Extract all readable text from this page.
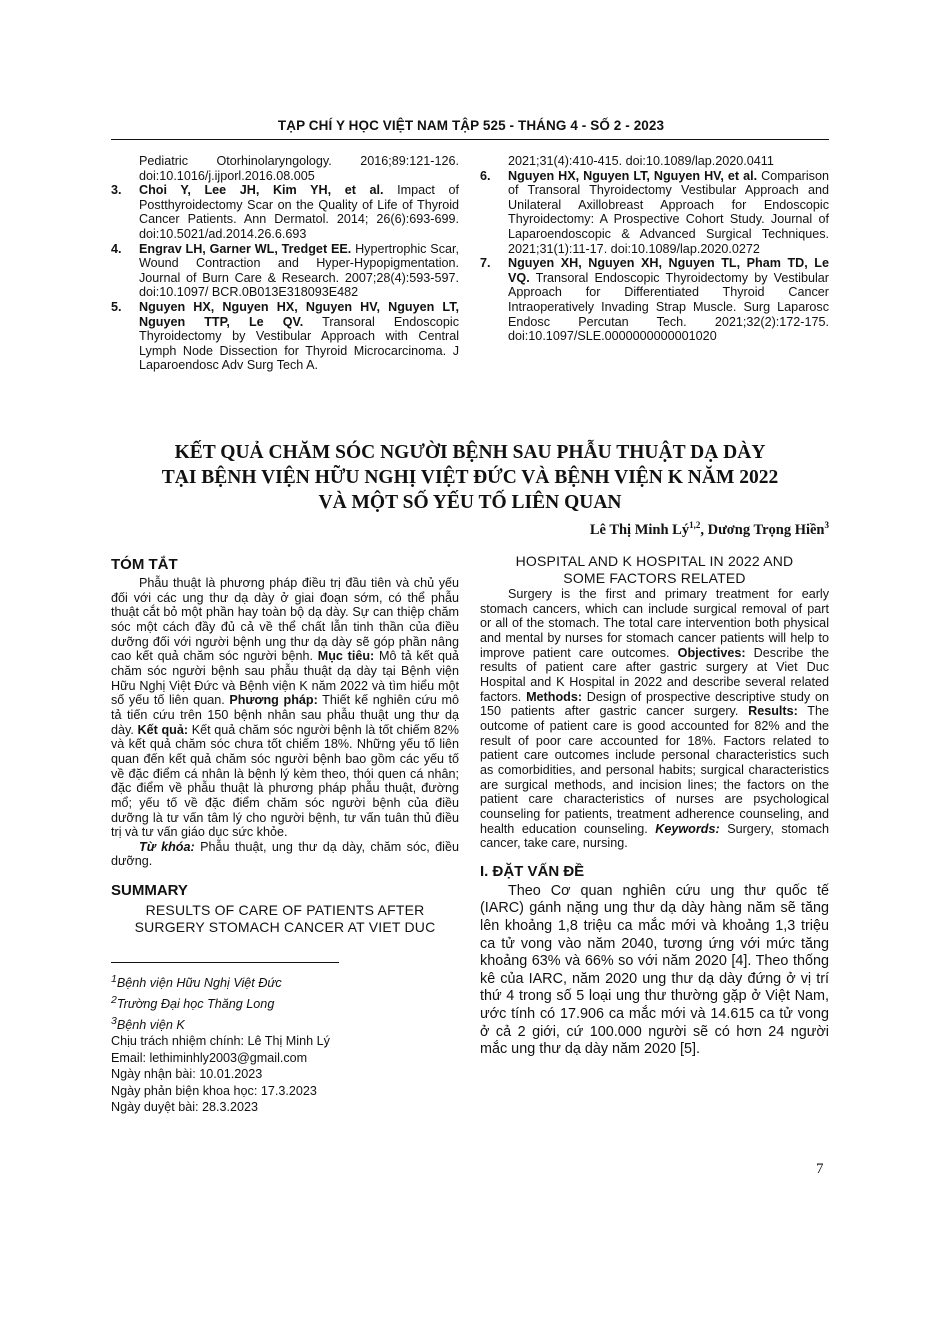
TẠP CHÍ Y HỌC VIỆT NAM TẬP 525 - THÁNG 4 - SỐ 2 - 2023
Pediatric Otorhinolaryngology. 2016;89:121-126. doi:10.1016/j.ijporl.2016.08.005
3. Choi Y, Lee JH, Kim YH, et al. Impact of Postthyroidectomy Scar on the Quality of Life of Thyroid Cancer Patients. Ann Dermatol. 2014; 26(6):693-699. doi:10.5021/ad.2014.26.6.693
4. Engrav LH, Garner WL, Tredget EE. Hypertrophic Scar, Wound Contraction and Hyper-Hypopigmentation. Journal of Burn Care & Research. 2007;28(4):593-597. doi:10.1097/ BCR.0B013E318093E482
5. Nguyen HX, Nguyen HX, Nguyen HV, Nguyen LT, Nguyen TTP, Le QV. Transoral Endoscopic Thyroidectomy by Vestibular Approach with Central Lymph Node Dissection for Thyroid Microcarcinoma. J Laparoendosc Adv Surg Tech A.
2021;31(4):410-415. doi:10.1089/lap.2020.0411
6. Nguyen HX, Nguyen LT, Nguyen HV, et al. Comparison of Transoral Thyroidectomy Vestibular Approach and Unilateral Axillobreast Approach for Endoscopic Thyroidectomy: A Prospective Cohort Study. Journal of Laparoendoscopic & Advanced Surgical Techniques. 2021;31(1):11-17. doi:10.1089/lap.2020.0272
7. Nguyen XH, Nguyen XH, Nguyen TL, Pham TD, Le VQ. Transoral Endoscopic Thyroidectomy by Vestibular Approach for Differentiated Thyroid Cancer Intraoperatively Invading Strap Muscle. Surg Laparosc Endosc Percutan Tech. 2021;32(2):172-175. doi:10.1097/SLE.0000000000001020
KẾT QUẢ CHĂM SÓC NGƯỜI BỆNH SAU PHẪU THUẬT DẠ DÀY
TẠI BỆNH VIỆN HỮU NGHỊ VIỆT ĐỨC VÀ BỆNH VIỆN K NĂM 2022
VÀ MỘT SỐ YẾU TỐ LIÊN QUAN
Lê Thị Minh Lý$^{1,2}$, Dương Trọng Hiền$^3$
TÓM TẮT

Phẫu thuật là phương pháp điều trị đầu tiên và chủ yếu đối với các ung thư dạ dày ở giai đoạn sớm, có thể phẫu thuật cắt bỏ một phần hay toàn bộ dạ dày. Sự can thiệp chăm sóc một cách đầy đủ cả về thể chất lẫn tinh thần của điều dưỡng đối với người bệnh ung thư dạ dày sẽ góp phần nâng cao kết quả chăm sóc người bệnh. Mục tiêu: Mô tả kết quả chăm sóc người bệnh sau phẫu thuật dạ dày tại Bệnh viện Hữu Nghị Việt Đức và Bệnh viện K năm 2022 và tìm hiểu một số yếu tố liên quan. Phương pháp: Thiết kế nghiên cứu mô tả tiến cứu trên 150 bệnh nhân sau phẫu thuật ung thư dạ dày. Kết quả: Kết quả chăm sóc người bệnh là tốt chiếm 82% và kết quả chăm sóc chưa tốt chiếm 18%. Những yếu tố liên quan đến kết quả chăm sóc người bệnh bao gồm các yếu tố về đặc điểm cá nhân là bệnh lý kèm theo, thói quen cá nhân; đặc điểm về phẫu thuật là phương pháp phẫu thuật, đường mổ; yếu tố về đặc điểm chăm sóc người bệnh của điều dưỡng là tư vấn tâm lý cho người bệnh, tư vấn tuân thủ điều trị và tư vấn giáo dục sức khỏe.

Từ khóa: Phẫu thuật, ung thư dạ dày, chăm sóc, điều dưỡng.

SUMMARY

RESULTS OF CARE OF PATIENTS AFTER

SURGERY STOMACH CANCER AT VIET DUC

$^1$Bệnh viện Hữu Nghị Việt Đức

$^2$Trường Đại học Thăng Long

$^3$Bệnh viện K

Chịu trách nhiệm chính: Lê Thị Minh Lý

Email: lethiminhly2003@gmail.com

Ngày nhận bài: 10.01.2023

Ngày phản biện khoa học: 17.3.2023

Ngày duyệt bài: 28.3.2023

HOSPITAL AND K HOSPITAL IN 2022 AND

SOME FACTORS RELATED

Surgery is the first and primary treatment for early stomach cancers, which can include surgical removal of part or all of the stomach. The total care intervention both physical and mental by nurses for stomach cancer patients will help to improve patient care outcomes. Objectives: Describe the results of patient care after gastric surgery at Viet Duc Hospital and K Hospital in 2022 and describe several related factors. Methods: Design of prospective descriptive study on 150 patients after gastric cancer surgery. Results: The outcome of patient care is good accounted for 82% and the result of poor care accounted for 18%. Factors related to patient care outcomes include personal characteristics such as comorbidities, and personal habits; surgical characteristics are surgical methods, and incision lines; the factors on the patient care characteristics of nurses are psychological counseling for patients, treatment adherence counseling, and health education counseling. Keywords: Surgery, stomach cancer, take care, nursing.

I. ĐẶT VẤN ĐỀ

Theo Cơ quan nghiên cứu ung thư quốc tế (IARC) gánh nặng ung thư dạ dày hàng năm sẽ tăng lên khoảng 1,8 triệu ca mắc mới và khoảng 1,3 triệu ca tử vong vào năm 2040, tương ứng với mức tăng khoảng 63% và 66% so với năm 2020 [4]. Theo thống kê của IARC, năm 2020 ung thư dạ dày đứng ở vị trí thứ 4 trong số 5 loại ung thư thường gặp ở Việt Nam, ước tính có 17.906 ca mắc mới và 14.615 ca tử vong ở cả 2 giới, cứ 100.000 người sẽ có hơn 24 người mắc ung thư dạ dày năm 2020 [5].

7
